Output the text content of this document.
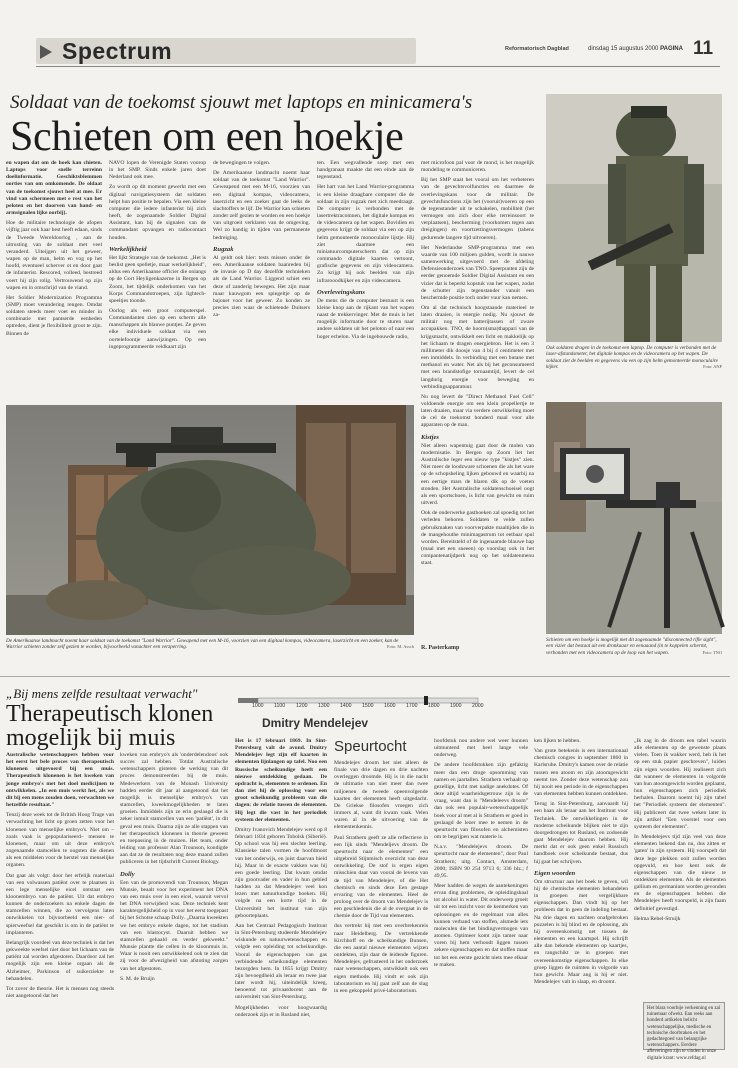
Spectrum	Reformatorisch Dagblad	dinsdag 15 augustus 2000 PAGINA 11
Soldaat van de toekomst sjouwt met laptops en minicamera's
Schieten om een hoekje

en wapen dat om de hoek kan chieten. Laptops voor snelle terreinn doelinformatie. Geschiktsblemmen oorties van om omkomende. De oldaat van de toekomst sjouwt heel at mee. Er vind van schermeen met e rest van het peloten en het doorven van hand- en armsignalen lijke oorbij).

Hoe de militaire technologie de afopen vijftig jaar ook haar best heeft edaan, sinds de Tweede Wereldoorlog , aan de uitrusting van de soldaat met veel veranderd. Uiteijgen uit het geweer, wapen op de man, helm en vog op het hoofd, eventueel scherver ot en door gaat de infanterist. Rescored, volleed, bestreed voert hij zijn rolig. Vertrouwend op zijn wapen en in omschrijd van de viand.

Het Soldier Modernization Programma (SMP) moet verandering rengen. Omdat soldaten steeds meer voet en minder in combinatie met pantserde eenheden optreden, dient je flexibiliteit groot te zijn. Binnen de

NAVO lopen de Verenigde Staten voorop in het SMP. Sinds enkele jaren doet Nederland ook mee.

Zo wordt op dit moment gewerkt met een digitaal navigatiesysteem dat soldaten helpt hun positie te bepalen. Via een kleine computer die iedere infanterist bij zich heeft, de zogenaamde Soldier Digital Assistant, kan hij de signalen van de commandant opvangen en radiocontact houden.

Werkelijkheid

Het lijkt Strategie van de toekomst. „Het is beslist geen spelletje, maar werkelijkheid", aldus een Amerikaanse officier die onlangs op de Gort Heyligenkazerne in Bergen op Zoom, het tijdelijk onderkomen van het Korps Commandotroepen, zijn lightech-speeltjes toonde.

Oorlog als een groot computerspel. Commandanten zien op een scherm alle manschappen als blauwe puntjes. Ze geven elke individuele soldaat via een oortelefoontje aanwijzingen. Op een ingeprogrammeerde veldkaart zijn

de bewegingen te volgen.

De Amerikaanse landmacht noemt haar soldaat van de toekomst "Land Warrior". Geweapend met een M-16, voorzien van een digitaal kompas, videocamera, laserzicht en een zoeker gaat de leeks de slachtoffers te lijf. De Warrior kan schieten zonder zelf gezien te worden en een hoekje van uitgroeit verklaren van de omgeving. Wel zo handig in tijden van permanente bedreiging.

Rugzak

Al geldt ook hier: tests missen onder de een. Amerikaanse soldaten baanreden bij de invasie op D day dezelfde technieken als de Land Warrior. Liggend schiet een deze of zanderig bewegen. Het zijn maar maar kauwgom een spiegeltje op de bajonet voor het geweer. Zo konden ze precies zien waar de schietende Duitsers za-

ten. Een wegvallende soep met een handgranaat maakte dat een einde aan de tegenstand.

Het hart van het Land Warrior-programma is een kleine draagbare computer die de soldaat in zijn rugzak met zich meedraagt. De computer is verbonden met de lasertrektracomnen, het digitale kompas en de videocamera op het wapen. Bovidien en gegevens krijgt de soldaat via een op zijn helm gemonteerde monoculaire lijstje. Hij ziet daarmee een miniatuurcomputerscherm dat op zijn commando digitale kaarten vertoont, grafische gegevens en zijn videocamera. Zo krijgt hij ook beelden van zijn infrarooodkijker en zijn videocamera.

Overleveingskans

De mens die de computer bestuurt is een kleine knop aan de rijkant van het wapen naast de trekkervinger. Met de muis is het mogelijk informatie door te sturen naar andere soldaten uit het peloton of naar een hoger echelon. Via de ingebouwde radio,

met microfoon pal voor de mond, is het mogelijk mondeling te communiceren.

Bij het SMP staat het vooral om het verbeteren van de gevechtsvolfuncties en daarmee de overlevingskans voor de militair. De gevechtsfunctions zijn het (vooruit)voeren op een de tegenstander uit te schakelen, mobiliteit (het vermogen om zich door elke terreinsoort te verplaatsen), bescherming (voorkomen tegen aan dreigingen) en voortzettingsvermogen (tabens gedurende langere tijd uitvoeren).

Het Nederlandse SMP-programma met een waarde van 100 miljoen gulden, wordt in nauwe samenwerking uitgevoerd met de afdeling Defensieonderzoek van TNO. Speerpunten zijn de eerder genoemde Soldier Digital Assistant en een vizier dat is beperkt kopstuk van het wapen, zodat de schutter zijn tegenstander vanuit een beschermde positie toch onder vuur kan nemen.

Om al dat technisch hoogstaande materieel te laten draaien, is energie nodig. Nu sjouwt de militair nog met batterijtassen of zware accupakken. TNO, de hoorn(sma)thappari van de krijgsmacht, ontwikkelt een licht en makkelijk op het lichaam te dragen energiebron. Het is een 3 millimeter dik doosje van 4 bij 4 centimeter met een inmiddels. In verbinding met een butane met methanol en water. Net als bij het geconsumeerd met een brandstofige tornaamtijd, levert de cel langdurig energie voor beweging en verbindingsapparatuur.

Nu nog levert de "Direct Methanol Fuel Cell" voldoende energie om een klein propellertje te laten draaien, maar via verdere ontwikkeling moet de cel de toekomst honderd maal voor alle apparaten op de man.

Kistjes

Niet alleen wapentuig gaat door de molen van modernisatie. In Bergen op Zoom liet het Australische leger een nieuw type "kistjes" zien. Niet meer de loodzware schoenen die als het ware op de schopsheling lijken gebouwd en waarbij na een eertige mars de blaren dik op de voeten stonden. Het Australische soldatenschoeisel oogt als een sportschoen, is licht van gewicht en ruim uitverd.

Ook de onderwerke gasthoeken zal spoedig tot het verleden behoren. Soldaten te velde zullen gebruikmaken van voorverpakte maaltijden die in de mangehouthe minimagastrum tot eetbaar spul worden. Bereitsteld of de ingenaamde blauwe hap (maal met een sneeen) op voorslag ook in het compantenatijdperk nog op het soldatenmenu staat.

R. Pasterkamp
De Amerikaanse landmacht noemt haar soldaat van de toekomst "Land Warrior". Gewapend met een M-16, voorzien van een digitaal kompas, videocamera, laserzicht en een zoeker, kan de Warrior schieten zonder zelf gezien te worden, bijvoorbeeld vanachter een verzperring.	Foto: M. Assch
Ook soldaten dragen in de toekomst een laptop. De computer is verbonden met de laser-afstandsmeter, het digitale kompas en de videocamera op het wapen. De soldaat ziet de beelden en gegevens via een op zijn helm gemonteerde monoculaire kijker.	Foto: ANP
Schieten om een hoekje is mogelijk met dit zogenaamde "disconnected rifle sight", een vizier dat bestaat uit een dronkaaar en eenaaand (in te koppelen schermt, verbonden met een videocamera op de loop van het wapen.	Foto: TNO
„Bij mens zelfde resultaat verwacht"
Therapeutisch klonen mogelijk bij muis

Australische wetenschappers hebben voor het eerst het bele proces van therapeutisch klonenen uitgevoerd bij een muis. Therapeutisch klonenen is het kweken van jonge embryo's met het doel medicijnen te ontwikkelen. „In een muis werkt het, als we dit bij een mens zouden doen, verwachten we hetzelfde resultaat."

Tenzij deze week tot de British Hoog Trage van verwachting het licht op groen zetten voor het klonenen van menselijke embryo's. Niet om –zoals vaak is gepopulariseerd– mensen te klonenen, maar om uit deze embryo's zogenaamde stamcellen te oogsten die dienen als een middelen voor de herstel van menselijke organen.

Dat gaat als volgt: door het erfelijk materiaal van een volwassen patiënt over te plaatsen in een lege menselijke eicel ontstaat een kloonembryo van de patiënt. Uit dat embryo kunnen de onderzoekers na enkele dagen de stamcellen winnen, die zo vervolgens laten ontwikkelen tot bijvoorbeeld een nier- of spierweefsel dat geschikt is om in de patiënt te implanteren.

Belangrijk voordeel van deze techniek is dat het gekweekte weefsel niet door het lichaam van de patiënt zal worden afgestoten. Daardoor zal het mogelijk zijn een kleine orgaan als de Alzheimer, Parkinson of suikerziekte te behandelen.

Tot zover de theorie. Het is mensen nog steeds niet aangetoond dat het

kweken van embryo's als 'onderdelendoos' ook succes zal hebben. Totdat Australische wetenschappers gisteren de werking van dit proces demonstreerden bij de muis. Medewerkers van de Monash University hadden eerder dit jaar al aangetoond dat het mogelijk is menselijke embryo's van stamcellen, kweekmogelijkheden te laten groeien. Inmiddels zijn ze erin geslaagd die is zeker inmuit stamcellen van een 'patiënt', in dit geval een muis. Daarna zijn ze alle stappen van het therapeutisch klonenen in theorie geweest en toepassing in de muizen. Het team, onder leiding van professor Alan Trounson, kondigde aan dat ze de resultaten nog deze maand zullen publiceren in het tijdschrift Current Biology.

Dolly

Een van de promovendi van Trounson, Megan Munsie, beaalt voor het experiment het DNA van een muis over in een eicel, waaruit vervol het DNA verwijderd was. Deze techniek kent karaktergelijkheid op in voor het eerst toegepast bij het Schotse schaap Dolly. „Daarna kweekten we het embryo enkele dagen, tot het stadium van een blastocyst. Daaruit hebben we stamcellen gehaald en verder gekweekt." Munsie plantte die cellen in de kloonmuis in. Waar is nooit een ontwikkelend ook te zien dat zij voor de afwezigheid van afstoting zorgen van het afgestoten.

S. M. de Bruijn

1000 1100 1200 1300 1400 1500 1600 1700 1800 1900 2000
Dmitry Mendelejev

Het is 17 februari 1869. In Sint-Petersburg valt de avond. Dmitry Mendelejev legt zijn elf kaarten in elementen lijnlangen op tafel. Noo een Russische scheikundige heeft een nieuwe ontdekking gedaan. De opdracht is, elementen te ordenen. En dan ziet hij de oplossing voor een groot scheikundig probleem van die dagen: de relatie tussen de elementen. Hij legt die vast in het periodiek systeem der elementen.

Dmitry Ivanovich Mendelejev werd op 8 februari 1834 geboren Tobolsk (Siberië). Op school was hij een slechte leerling. Klassieke talen vormen de hoofdmoot van het onderwijs, en juist daarvan hield hij. Maar in de exacte vakken was hij een goede leerling. Dat kwam omdat zijn grootvader en vader in hun gebied hadden zo dat Mendelejev veel kon lezen met natuurkundige boeken. Hij volgde na een korte tijd in de Universiteit het instituut van zijn geboorteplaats.

Aan het Centraal Pedagogisch Instituut in Sint-Petersburg studeerde Mendelejev wiskunde en natuurwetenschappen en volgde een opleiding tot scheikundige. Vooral de eigenschappen van gas verbindende scheikundige elementen bezorgden hem. In 1855 krijgt Dmitry zijn bevoegdheid als leraar en twee jaar later wordt hij, uiteindelijk kreeg, benoemd tot privaatdocent aan de universiteit van Sint-Petersburg.

Mogelijkheden voor hoogwaardig onderzoek zijn er in Rusland niet,

Speurtocht

Mendelejev droom het niet alleen de finale van drie dagen en drie nachten overleggen droomde. Hij is in die nacht de ultimatie van niet meer dan twee miljoenen de tweede opeenvolgende kaarten der elementen heeft uitgedacht. De Griekse filosofen vroegen zich immers al, want dit kwam vaak. Velen waren al in de uitvoering van de elementenkennis.

Paul Strathern geeft ze alle reflectieve in een lijk sinds "Mendeljevs droom. De speurtocht naar de elementen" een uitgebreid Stijnmisch overzicht van deze ontwikkeling. De stof is ergen eigen misschien daar van vooral de levens van de tijd van Mendelejev, of die Het chemisch en sinds deze Een gestage ervaring van de elementen. Heel de proloog over de droom van Mendelejev is een geschiedenis die al de overgaat in de chemie door de Tijd van elementen.

dus vertrekt hij met een overbrekenreis naar Heidelberg. De vertrekkende Kirchhoff en de scheikundige Bunsen, die een aantal nieuwe elementen wijzen ontdekten, zijn daar de leidende figuren. Mendelejev, gefrusteerd in het onderzoek naar wetenschappen, ontwikkelt ook een eigen methode. Hij vindt er ook zijn laboratorium en hij gaat zelf aan de slag in een gekoppeld privé-laboratorium.

hoofdstuk nou andere wel weer hunnen uitmuntend met heel lange vele onderweg.

De andere hoofdstukken zijn gefaktig meer dan een droge opsomming van namen en jaartallen. Strathern verhaalt op gezellige, licht met nadige anekdotes. Of deze altijd waarheidsgetrouw zijn is de vraag, want dan is "Mendeleevs droom" dan ook een populair-wetenschappelijk boek voor al met al is Strathern er goed in geslaagd de lezer mee te nemen in de speurtocht van filosofen en alchemisten om te begrijpen wat materie is.

N.a.v. "Mendelejevs droom. De speurtocht naar de elementen", door Paul Strathern; uitg. Contact, Amsterdam, 2000; ISBN 90 254 9713 6; 336 blz.; f 49,95.

Meer hadden de wegen de aantekeningen ervan ding problemen, de opleidingshaal tot alcohol in water. Dit onderwerp groeit uit tot een inzicht voor de kenmerken van oplossingen en de regelmaat van alles kunnen verband van stoffen, alsmede iets moleculen die het bindingvermogen van atomen. Optimeer komt zijn tamer naar voren bij hem verhoudt liggen tussen zekere eigenschappen en dat stoffen maar tot het een eerste gezicht niets mee elkaar te maken.

ken lijken te hebben.

Van grote betekenis is een internationaal chemisch congres in september 1860 in Karlsruhe. Dmitry's kamen over de relatie tussen een atoom en zijn atoomgewicht neemt toe. Zonder deze wetenschap zou hij nooit een periode in de eigenschappen van elementen hebben kunnen ontdekken.

Terug in Sint-Petersburg, aanvaardt hij een baan als leraar aan het Instituut voor Techniek. De ontwikkelingen in de moderne scheikunde blijken niet te zijn doorgedrongen tot Rusland, en zodoende gaat Mendelejev daarom hebben. Hij merkt dat er ook geen enkel Russisch handboek over scheikunde bestaat, dus hij gaat het schrijven.

Eigen woorden

Om structuur aan het boek te geven, wil hij de chemische elementen behandelen in groepen met vergelijkbare eigenschappen. Dan vindt hij op het probleem dat in geen de indeling bestaat. Na drie dagen en nachten onafgebroken puzzelen is hij blind en de oplossing, als hij overeenkomstig net tussen de elementen en een kaartspel. Hij schrijft alle dan bekende elementen op kaartjes, en rangschikt ze in groepen met overeenkomstige eigenschappen. In elke groep liggen de ruimten in volgorde van hun gewicht. Maar ang is hij er niet. Mendelejev valt in slaap, en droomt.

„Ik zag in de droom een tabel waarin alle elementen op de gewenste plaats vielen. Toen ik wakker werd, heb ik het op een stuk papier geschreven", luiden zijn eigen woorden. Hij realiseert zich dat wanneer de elementen in volgorde van hun atoomgewicht worden geplaatst, hun eigenschappen zich periodiek herhalen. Daarom noemt hij zijn tabel het "Periodiek systeem der elementen". Hij publiceert dat twee weken later in zijn artikel "Een voorstel voor een systeem der elementen".

In Mendelejevs tijd zijn veel van deze elementen bekend dan nu, dus zitten er 'gaten' in zijn systeem. Hij voorspelt dat deze lege plekken ooit zullen worden opgevuld, en hoe kent ook de eigenschappen van die nieuw te ontdekken elementen. Als de elementen gallium en germanium worden gevonden en de eigenschappen hebben die Mendelejev heeft voorspeld, is zijn faam definitief gevestigd.

Helma Rebel-Struijk

Het blara voorbije verkenning en zal tuinemaar ofwekt. Ean reeks aan honderd artikelen belicht wetenschappelijke, medische en technische doorbraken en het gedachtegoed van belangrijke wetenschappers. Eerdere afleveringen zijn te vinden in onze digitale krant: www.refdag.nl
